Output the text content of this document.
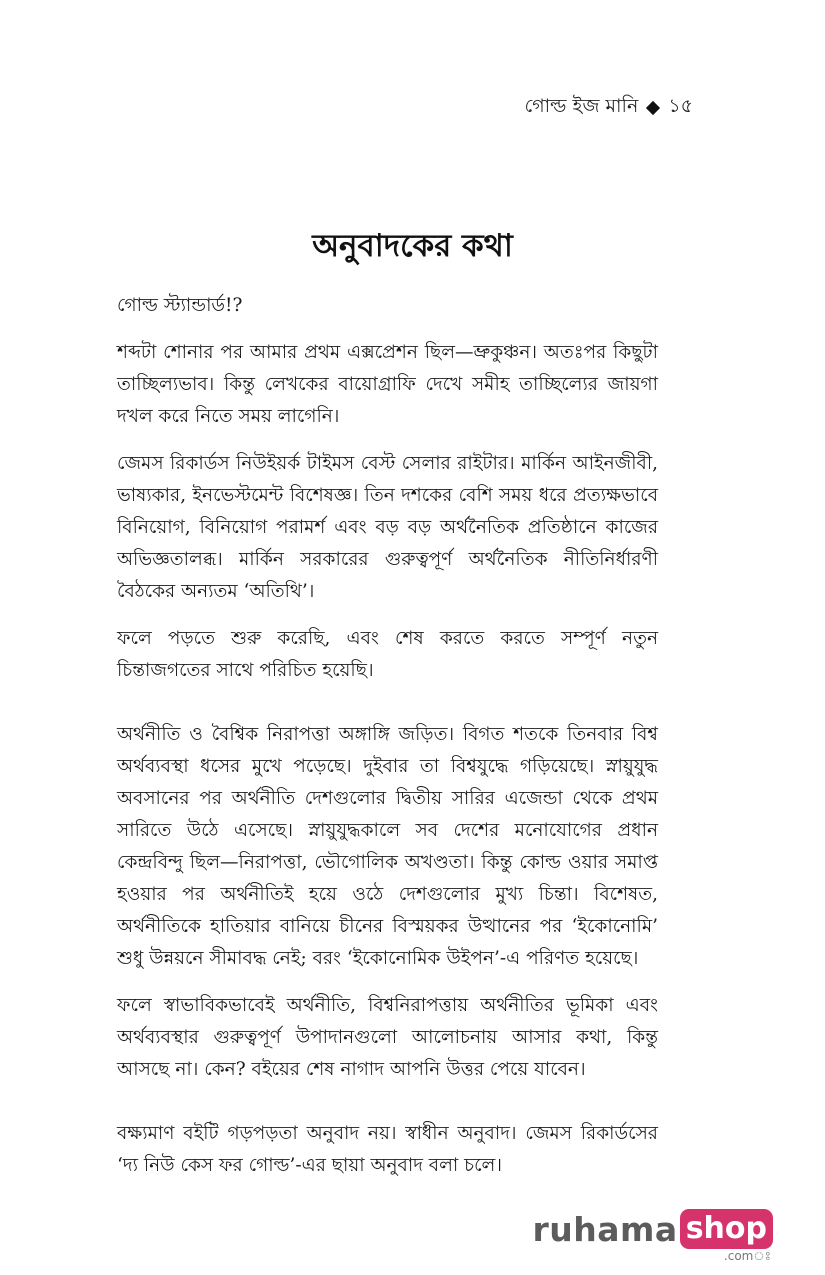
গোল্ড ইজ মানি ১৫
অনুবাদকের কথা

গোল্ড স্ট্যান্ডার্ড!?

শব্দটা শোনার পর আমার প্রথম এক্সপ্রেশন ছিল—ভ্রুকুঞ্চন। অতঃপর কিছুটা তাচ্ছিল্যভাব। কিন্তু লেখকের বায়োগ্রাফি দেখে সমীহ তাচ্ছিল্যের জায়গা দখল করে নিতে সময় লাগেনি।

জেমস রিকার্ডস নিউইয়র্ক টাইমস বেস্ট সেলার রাইটার। মার্কিন আইনজীবী, ভাষ্যকার, ইনভেস্টমেন্ট বিশেষজ্ঞ। তিন দশকের বেশি সময় ধরে প্রত্যক্ষভাবে বিনিয়োগ, বিনিয়োগ পরামর্শ এবং বড় বড় অর্থনৈতিক প্রতিষ্ঠানে কাজের অভিজ্ঞতালব্ধ। মার্কিন সরকারের গুরুত্বপূর্ণ অর্থনৈতিক নীতিনির্ধারণী বৈঠকের অন্যতম ‘অতিথি’।

ফলে পড়তে শুরু করেছি, এবং শেষ করতে করতে সম্পূর্ণ নতুন চিন্তাজগতের সাথে পরিচিত হয়েছি।

অর্থনীতি ও বৈশ্বিক নিরাপত্তা অঙ্গাঙ্গি জড়িত। বিগত শতকে তিনবার বিশ্ব অর্থব্যবস্থা ধসের মুখে পড়েছে। দুইবার তা বিশ্বযুদ্ধে গড়িয়েছে। স্নায়ুযুদ্ধ অবসানের পর অর্থনীতি দেশগুলোর দ্বিতীয় সারির এজেন্ডা থেকে প্রথম সারিতে উঠে এসেছে। স্নায়ুযুদ্ধকালে সব দেশের মনোযোগের প্রধান কেন্দ্রবিন্দু ছিল—নিরাপত্তা, ভৌগোলিক অখণ্ডতা। কিন্তু কোল্ড ওয়ার সমাপ্ত হওয়ার পর অর্থনীতিই হয়ে ওঠে দেশগুলোর মুখ্য চিন্তা। বিশেষত, অর্থনীতিকে হাতিয়ার বানিয়ে চীনের বিস্ময়কর উত্থানের পর ‘ইকোনোমি’ শুধু উন্নয়নে সীমাবদ্ধ নেই; বরং ‘ইকোনোমিক উইপন’-এ পরিণত হয়েছে।

ফলে স্বাভাবিকভাবেই অর্থনীতি, বিশ্বনিরাপত্তায় অর্থনীতির ভূমিকা এবং অর্থব্যবস্থার গুরুত্বপূর্ণ উপাদানগুলো আলোচনায় আসার কথা, কিন্তু আসছে না। কেন? বইয়ের শেষ নাগাদ আপনি উত্তর পেয়ে যাবেন।

বক্ষ্যমাণ বইটি গড়পড়তা অনুবাদ নয়। স্বাধীন অনুবাদ। জেমস রিকার্ডসের ‘দ্য নিউ কেস ফর গোল্ড’-এর ছায়া অনুবাদ বলা চলে।

ruhama shop
.comঃ
